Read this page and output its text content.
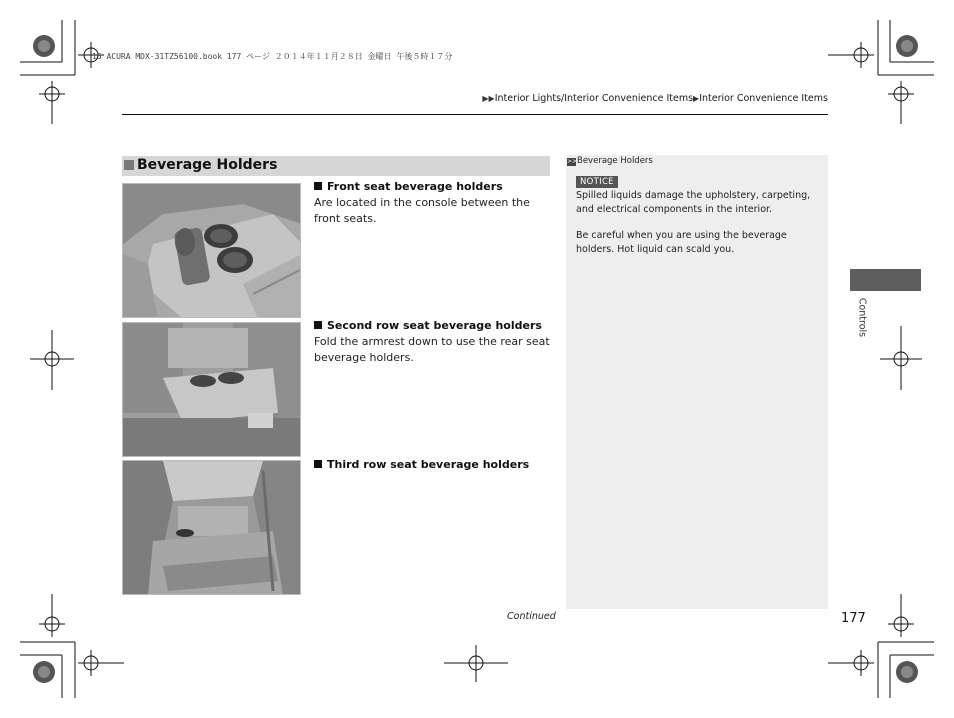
15 ACURA MDX-31TZ56100.book 177 ページ ２０１４年１１月２８日 金曜日 午後５時１７分
▶▶Interior Lights/Interior Convenience Items▶Interior Convenience Items
Beverage Holders
Front seat beverage holders
Are located in the console between the front seats.
Second row seat beverage holders
Fold the armrest down to use the rear seat beverage holders.
Third row seat beverage holders
>>Beverage Holders
NOTICE
Spilled liquids damage the upholstery, carpeting, and electrical components in the interior.
Be careful when you are using the beverage holders. Hot liquid can scald you.
Controls
Continued	177
